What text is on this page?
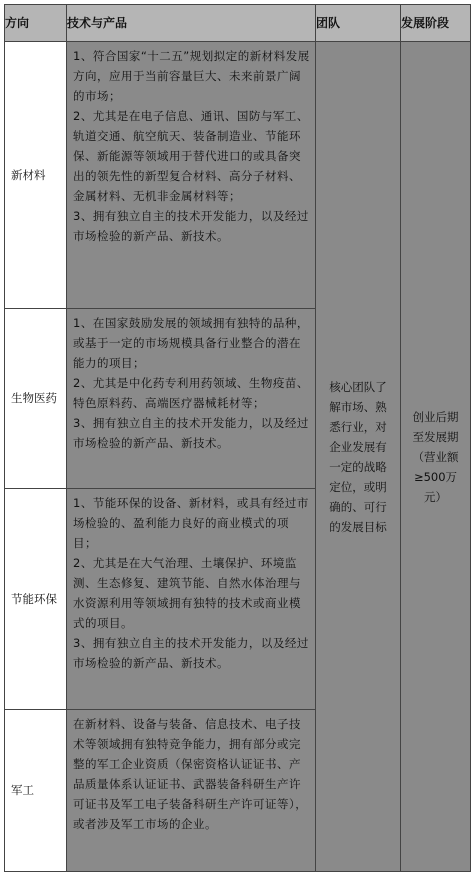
方向	技术与产品	团队	发展阶段
新材料	1、符合国家“十二五”规划拟定的新材料发展方向，应用于当前容量巨大、未来前景广阔的市场；

2、尤其是在电子信息、通讯、国防与军工、轨道交通、航空航天、装备制造业、节能环保、新能源等领域用于替代进口的或具备突出的领先性的新型复合材料、高分子材料、金属材料、无机非金属材料等；

3、拥有独立自主的技术开发能力，以及经过市场检验的新产品、新技术。	核心团队了解市场、熟悉行业，对企业发展有一定的战略定位，或明确的、可行的发展目标	创业后期至发展期（营业额≥500万元）
生物医药	1、在国家鼓励发展的领域拥有独特的品种，或基于一定的市场规模具备行业整合的潜在能力的项目；

2、尤其是中化药专利用药领域、生物疫苗、特色原料药、高端医疗器械耗材等；

3、拥有独立自主的技术开发能力，以及经过市场检验的新产品、新技术。		

节能环保	1、节能环保的设备、新材料，或具有经过市场检验的、盈利能力良好的商业模式的项目；

2、尤其是在大气治理、土壤保护、环境监测、生态修复、建筑节能、自然水体治理与水资源利用等领域拥有独特的技术或商业模式的项目。

3、拥有独立自主的技术开发能力，以及经过市场检验的新产品、新技术。		

军工	在新材料、设备与装备、信息技术、电子技术等领域拥有独特竞争能力，拥有部分或完整的军工企业资质（保密资格认证证书、产品质量体系认证证书、武器装备科研生产许可证书及军工电子装备科研生产许可证等），或者涉及军工市场的企业。		
